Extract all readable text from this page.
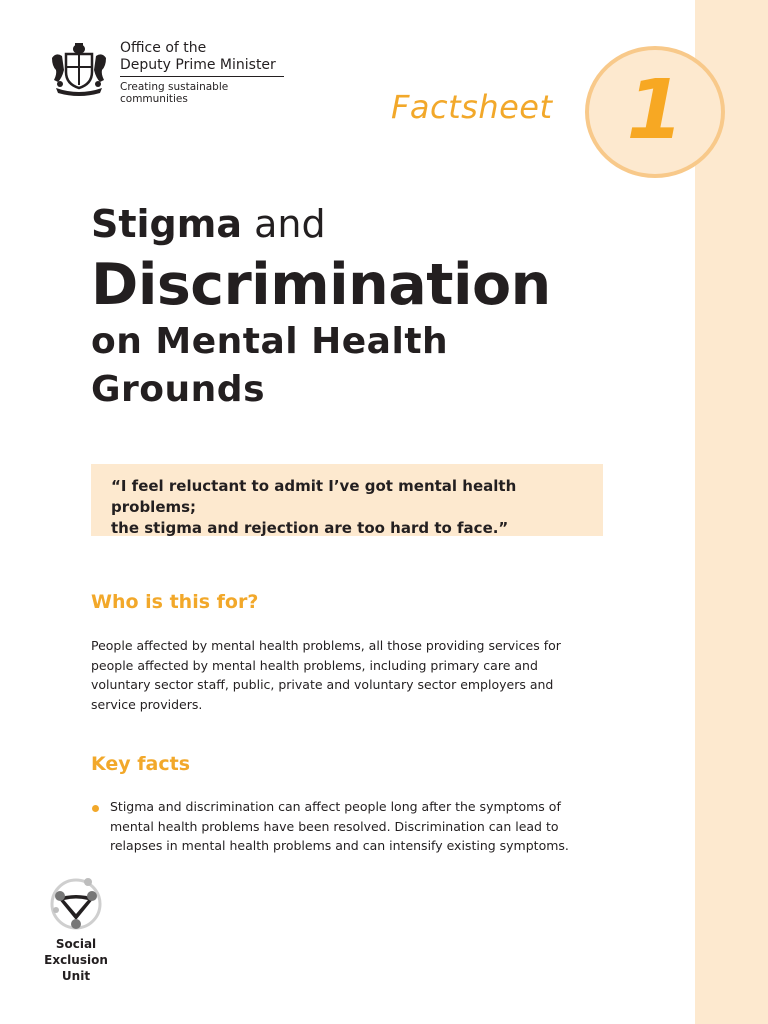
Office of the
Deputy Prime Minister
Creating sustainable communities	Factsheet 1
Stigma and
Discrimination
on Mental Health
Grounds
“I feel reluctant to admit I’ve got mental health problems;
the stigma and rejection are too hard to face.”
Who is this for?
People affected by mental health problems, all those providing services for
people affected by mental health problems, including primary care and
voluntary sector staff, public, private and voluntary sector employers and
service providers.
Key facts
Stigma and discrimination can affect people long after the symptoms of
mental health problems have been resolved. Discrimination can lead to
relapses in mental health problems and can intensify existing symptoms.
Social
Exclusion
Unit
